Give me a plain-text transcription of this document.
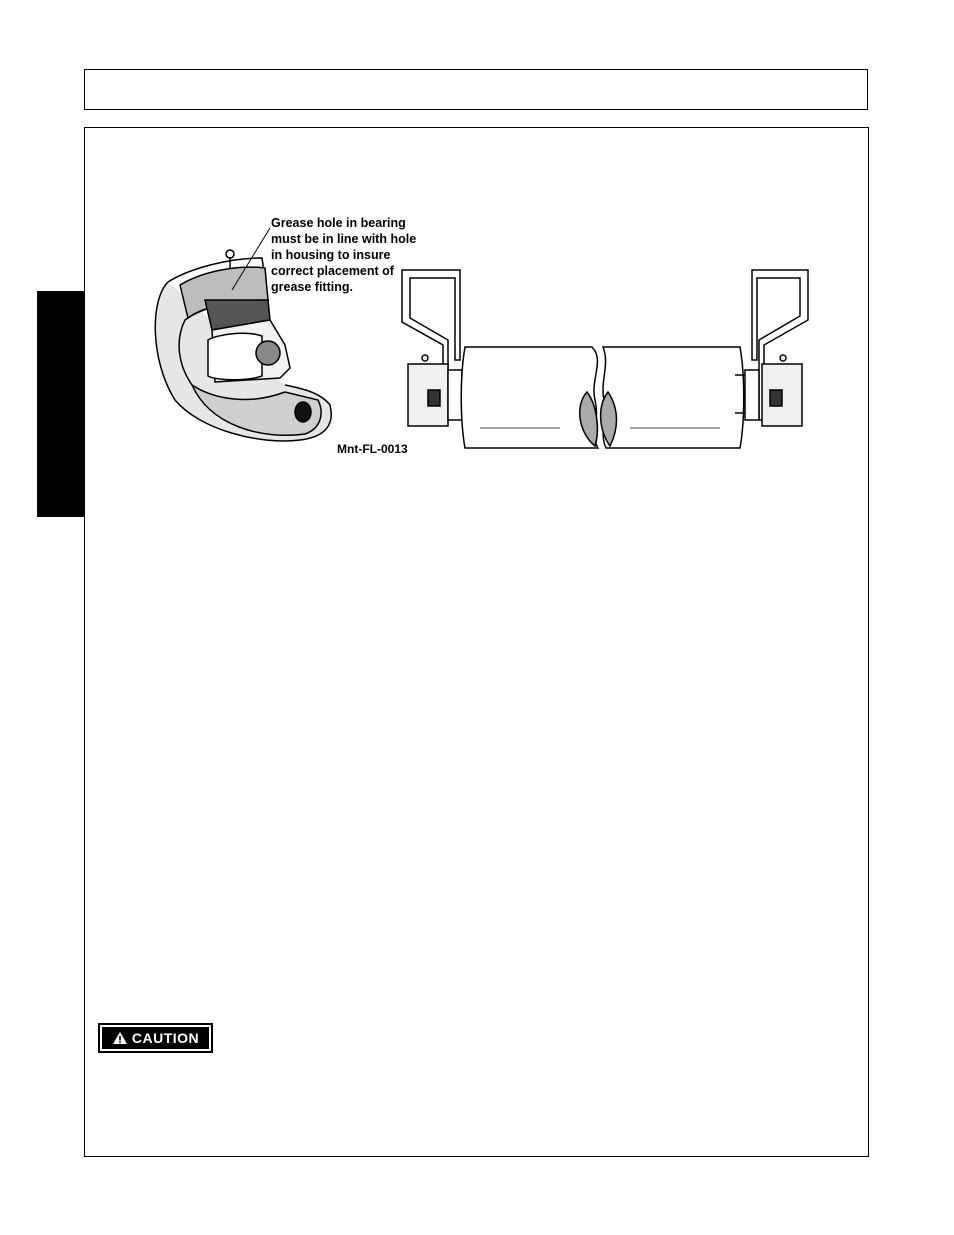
Grease hole in bearing
must be in line with hole
in housing to insure
correct placement of
grease fitting.
Mnt-FL-0013
CAUTION
